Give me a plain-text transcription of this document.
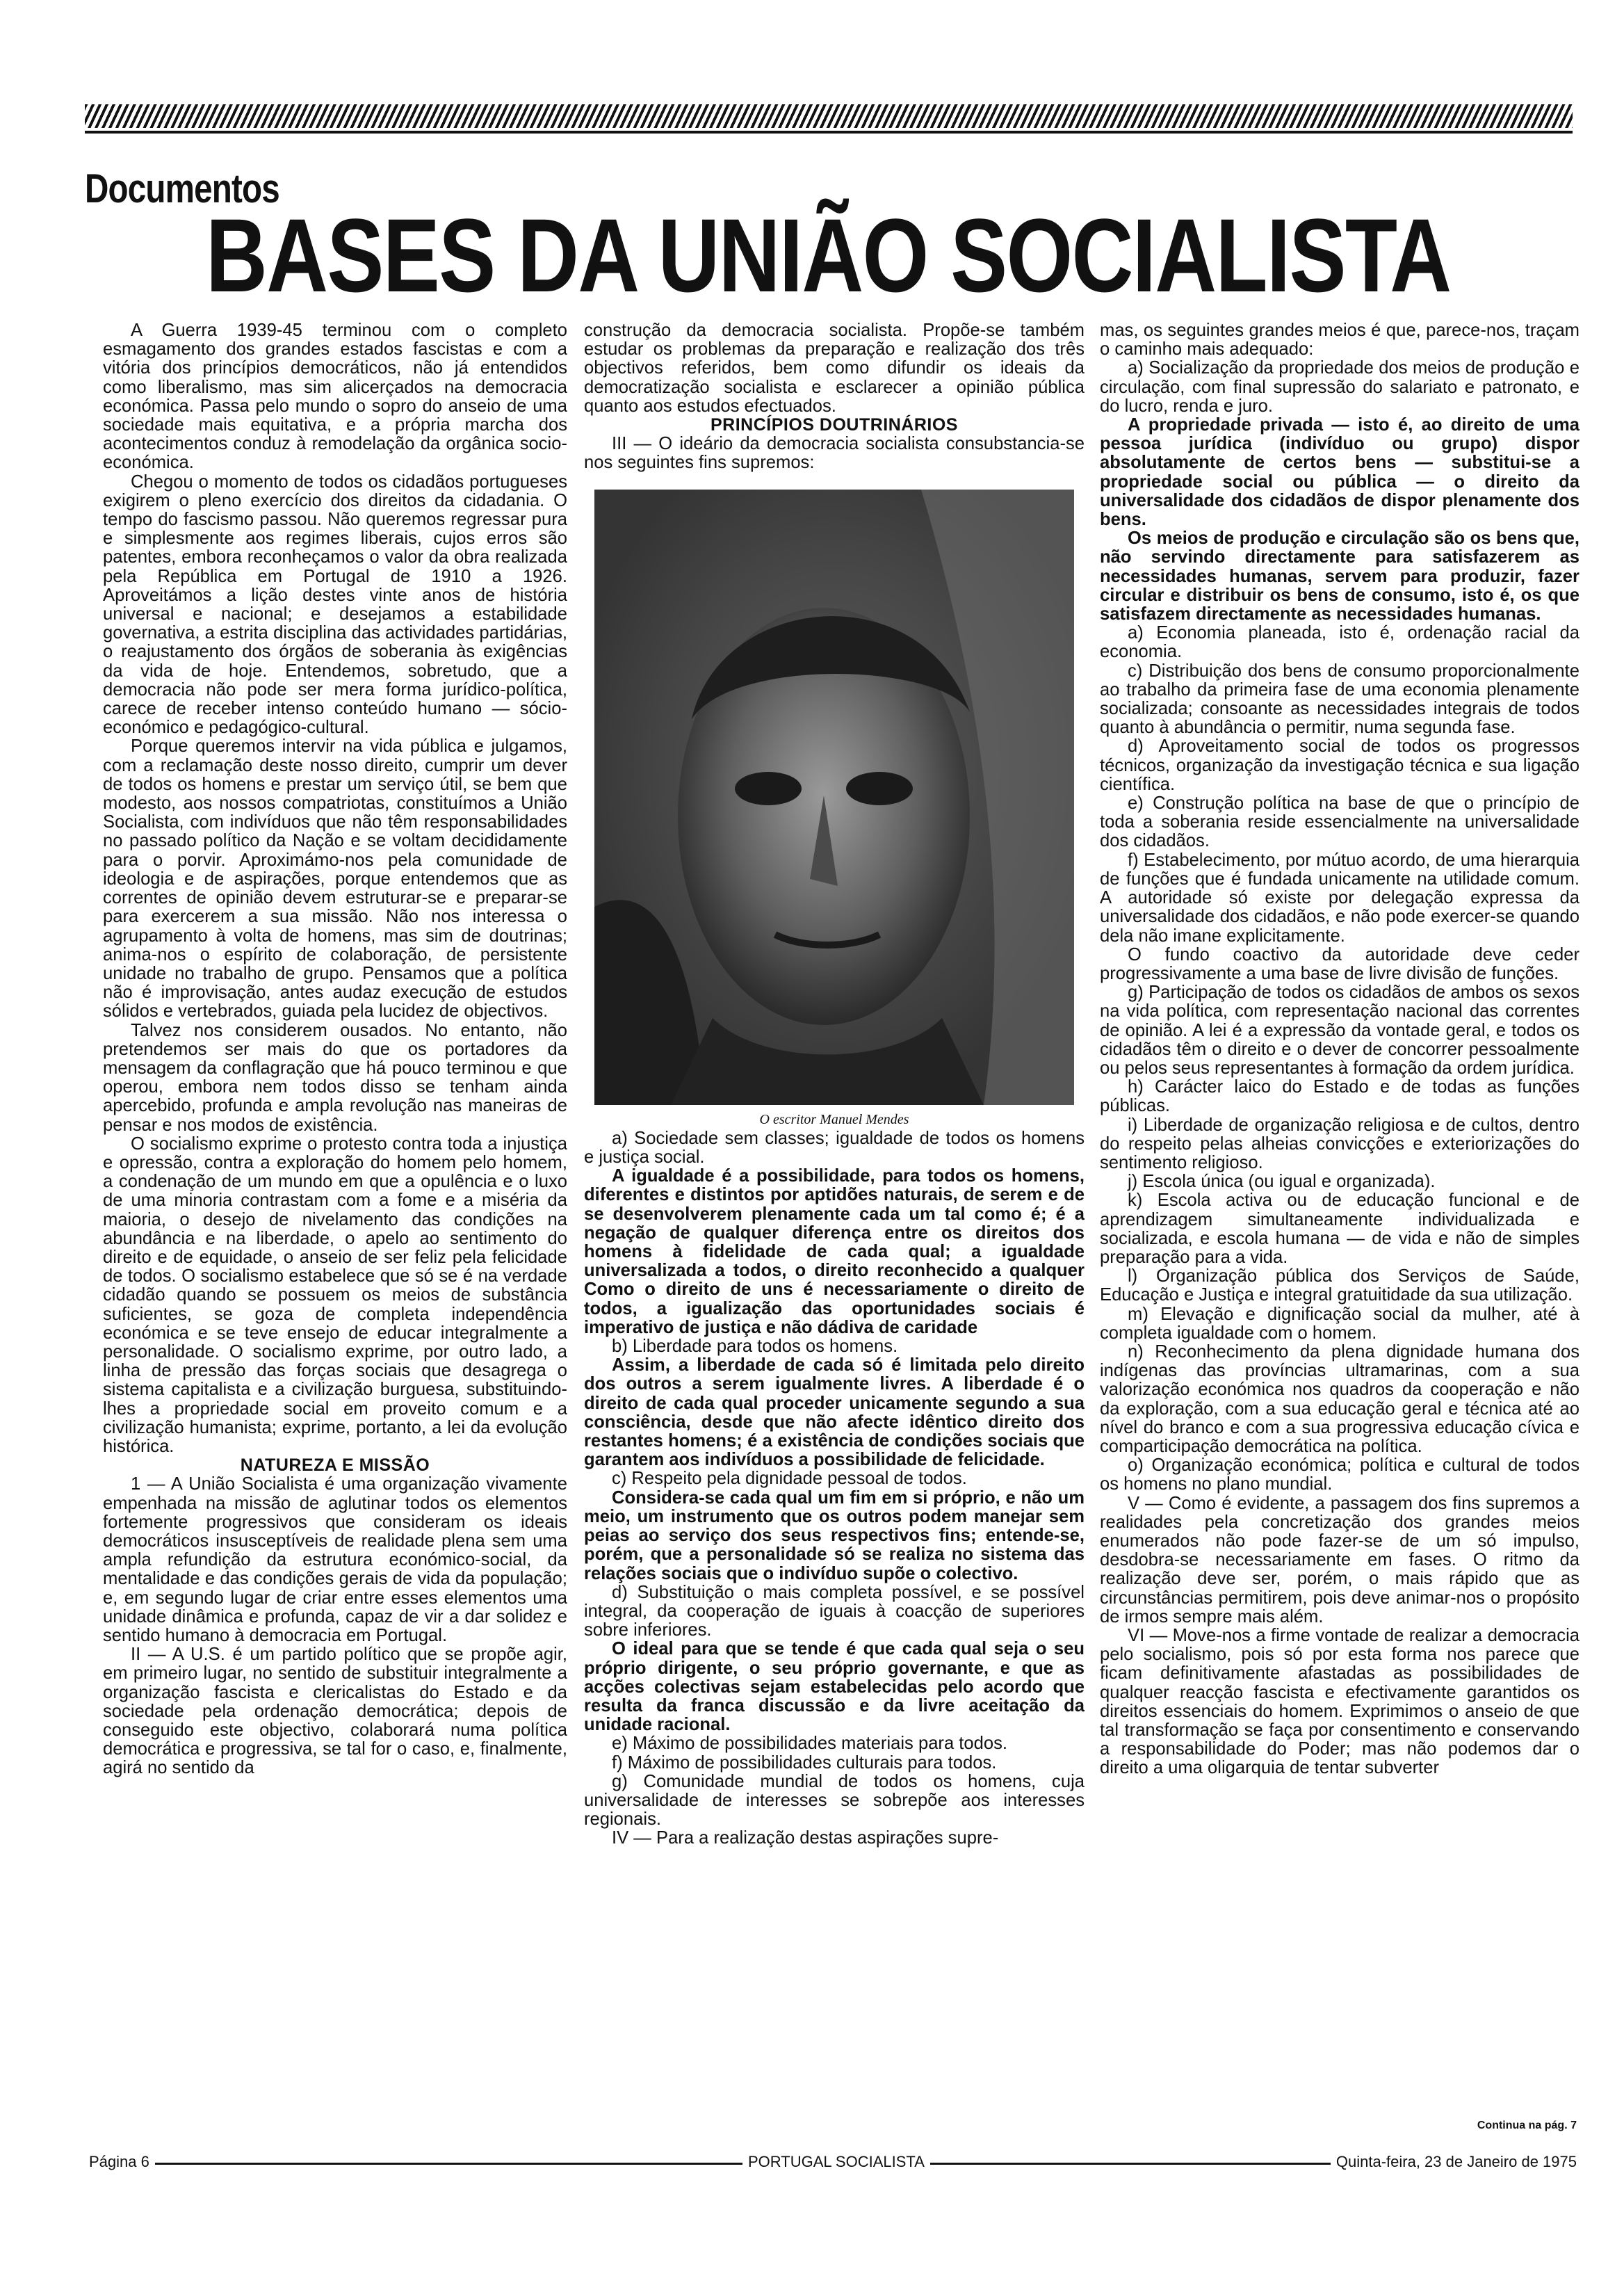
Documentos
BASES DA UNIÃO SOCIALISTA

A Guerra 1939-45 terminou com o completo esmagamento dos grandes estados fascistas e com a vitória dos princípios democráticos, não já entendidos como liberalismo, mas sim alicerçados na democracia económica. Passa pelo mundo o sopro do anseio de uma sociedade mais equitativa, e a própria marcha dos acontecimentos conduz à remodelação da orgânica socio-económica.

Chegou o momento de todos os cidadãos portugueses exigirem o pleno exercício dos direitos da cidadania. O tempo do fascismo passou. Não queremos regressar pura e simplesmente aos regimes liberais, cujos erros são patentes, embora reconheçamos o valor da obra realizada pela República em Portugal de 1910 a 1926. Aproveitámos a lição destes vinte anos de história universal e nacional; e desejamos a estabilidade governativa, a estrita disciplina das actividades partidárias, o reajustamento dos órgãos de soberania às exigências da vida de hoje. Entendemos, sobretudo, que a democracia não pode ser mera forma jurídico-política, carece de receber intenso conteúdo humano — sócio-económico e pedagógico-cultural.

Porque queremos intervir na vida pública e julgamos, com a reclamação deste nosso direito, cumprir um dever de todos os homens e prestar um serviço útil, se bem que modesto, aos nossos compatriotas, constituímos a União Socialista, com indivíduos que não têm responsabilidades no passado político da Nação e se voltam decididamente para o porvir. Aproximámo-nos pela comunidade de ideologia e de aspirações, porque entendemos que as correntes de opinião devem estruturar-se e preparar-se para exercerem a sua missão. Não nos interessa o agrupamento à volta de homens, mas sim de doutrinas; anima-nos o espírito de colaboração, de persistente unidade no trabalho de grupo. Pensamos que a política não é improvisação, antes audaz execução de estudos sólidos e vertebrados, guiada pela lucidez de objectivos.

Talvez nos considerem ousados. No entanto, não pretendemos ser mais do que os portadores da mensagem da conflagração que há pouco terminou e que operou, embora nem todos disso se tenham ainda apercebido, profunda e ampla revolução nas maneiras de pensar e nos modos de existência.

O socialismo exprime o protesto contra toda a injustiça e opressão, contra a exploração do homem pelo homem, a condenação de um mundo em que a opulência e o luxo de uma minoria contrastam com a fome e a miséria da maioria, o desejo de nivelamento das condições na abundância e na liberdade, o apelo ao sentimento do direito e de equidade, o anseio de ser feliz pela felicidade de todos. O socialismo estabelece que só se é na verdade cidadão quando se possuem os meios de substância suficientes, se goza de completa independência económica e se teve ensejo de educar integralmente a personalidade. O socialismo exprime, por outro lado, a linha de pressão das forças sociais que desagrega o sistema capitalista e a civilização burguesa, substituindo-lhes a propriedade social em proveito comum e a civilização humanista; exprime, portanto, a lei da evolução histórica.

NATUREZA E MISSÃO

1 — A União Socialista é uma organização vivamente empenhada na missão de aglutinar todos os elementos fortemente progressivos que consideram os ideais democráticos insusceptíveis de realidade plena sem uma ampla refundição da estrutura económico-social, da mentalidade e das condições gerais de vida da população; e, em segundo lugar de criar entre esses elementos uma unidade dinâmica e profunda, capaz de vir a dar solidez e sentido humano à democracia em Portugal.

II — A U.S. é um partido político que se propõe agir, em primeiro lugar, no sentido de substituir integralmente a organização fascista e clericalistas do Estado e da sociedade pela ordenação democrática; depois de conseguido este objectivo, colaborará numa política democrática e progressiva, se tal for o caso, e, finalmente, agirá no sentido da

construção da democracia socialista. Propõe-se também estudar os problemas da preparação e realização dos três objectivos referidos, bem como difundir os ideais da democratização socialista e esclarecer a opinião pública quanto aos estudos efectuados.

PRINCÍPIOS DOUTRINÁRIOS

III — O ideário da democracia socialista consubstancia-se nos seguintes fins supremos:

O escritor Manuel Mendes

a) Sociedade sem classes; igualdade de todos os homens e justiça social.

A igualdade é a possibilidade, para todos os homens, diferentes e distintos por aptidões naturais, de serem e de se desenvolverem plenamente cada um tal como é; é a negação de qualquer diferença entre os direitos dos homens à fidelidade de cada qual; a igualdade universalizada a todos, o direito reconhecido a qualquer Como o direito de uns é necessariamente o direito de todos, a igualização das oportunidades sociais é imperativo de justiça e não dádiva de caridade

b) Liberdade para todos os homens.

Assim, a liberdade de cada só é limitada pelo direito dos outros a serem igualmente livres. A liberdade é o direito de cada qual proceder unicamente segundo a sua consciência, desde que não afecte idêntico direito dos restantes homens; é a existência de condições sociais que garantem aos indivíduos a possibilidade de felicidade.

c) Respeito pela dignidade pessoal de todos.

Considera-se cada qual um fim em si próprio, e não um meio, um instrumento que os outros podem manejar sem peias ao serviço dos seus respectivos fins; entende-se, porém, que a personalidade só se realiza no sistema das relações sociais que o indivíduo supõe o colectivo.

d) Substituição o mais completa possível, e se possível integral, da cooperação de iguais à coacção de superiores sobre inferiores.

O ideal para que se tende é que cada qual seja o seu próprio dirigente, o seu próprio governante, e que as acções colectivas sejam estabelecidas pelo acordo que resulta da franca discussão e da livre aceitação da unidade racional.

e) Máximo de possibilidades materiais para todos.

f) Máximo de possibilidades culturais para todos.

g) Comunidade mundial de todos os homens, cuja universalidade de interesses se sobrepõe aos interesses regionais.

IV — Para a realização destas aspirações supre-

mas, os seguintes grandes meios é que, parece-nos, traçam o caminho mais adequado:

a) Socialização da propriedade dos meios de produção e circulação, com final supressão do salariato e patronato, e do lucro, renda e juro.

A propriedade privada — isto é, ao direito de uma pessoa jurídica (indivíduo ou grupo) dispor absolutamente de certos bens — substitui-se a propriedade social ou pública — o direito da universalidade dos cidadãos de dispor plenamente dos bens.

Os meios de produção e circulação são os bens que, não servindo directamente para satisfazerem as necessidades humanas, servem para produzir, fazer circular e distribuir os bens de consumo, isto é, os que satisfazem directamente as necessidades humanas.

a) Economia planeada, isto é, ordenação racial da economia.

c) Distribuição dos bens de consumo proporcionalmente ao trabalho da primeira fase de uma economia plenamente socializada; consoante as necessidades integrais de todos quanto à abundância o permitir, numa segunda fase.

d) Aproveitamento social de todos os progressos técnicos, organização da investigação técnica e sua ligação científica.

e) Construção política na base de que o princípio de toda a soberania reside essencialmente na universalidade dos cidadãos.

f) Estabelecimento, por mútuo acordo, de uma hierarquia de funções que é fundada unicamente na utilidade comum. A autoridade só existe por delegação expressa da universalidade dos cidadãos, e não pode exercer-se quando dela não imane explicitamente.

O fundo coactivo da autoridade deve ceder progressivamente a uma base de livre divisão de funções.

g) Participação de todos os cidadãos de ambos os sexos na vida política, com representação nacional das correntes de opinião. A lei é a expressão da vontade geral, e todos os cidadãos têm o direito e o dever de concorrer pessoalmente ou pelos seus representantes à formação da ordem jurídica.

h) Carácter laico do Estado e de todas as funções públicas.

i) Liberdade de organização religiosa e de cultos, dentro do respeito pelas alheias convicções e exteriorizações do sentimento religioso.

j) Escola única (ou igual e organizada).

k) Escola activa ou de educação funcional e de aprendizagem simultaneamente individualizada e socializada, e escola humana — de vida e não de simples preparação para a vida.

l) Organização pública dos Serviços de Saúde, Educação e Justiça e integral gratuitidade da sua utilização.

m) Elevação e dignificação social da mulher, até à completa igualdade com o homem.

n) Reconhecimento da plena dignidade humana dos indígenas das províncias ultramarinas, com a sua valorização económica nos quadros da cooperação e não da exploração, com a sua educação geral e técnica até ao nível do branco e com a sua progressiva educação cívica e comparticipação democrática na política.

o) Organização económica; política e cultural de todos os homens no plano mundial.

V — Como é evidente, a passagem dos fins supremos a realidades pela concretização dos grandes meios enumerados não pode fazer-se de um só impulso, desdobra-se necessariamente em fases. O ritmo da realização deve ser, porém, o mais rápido que as circunstâncias permitirem, pois deve animar-nos o propósito de irmos sempre mais além.

VI — Move-nos a firme vontade de realizar a democracia pelo socialismo, pois só por esta forma nos parece que ficam definitivamente afastadas as possibilidades de qualquer reacção fascista e efectivamente garantidos os direitos essenciais do homem. Exprimimos o anseio de que tal transformação se faça por consentimento e conservando a responsabilidade do Poder; mas não podemos dar o direito a uma oligarquia de tentar subverter

Continua na pág. 7
Página 6	PORTUGAL SOCIALISTA	Quinta-feira, 23 de Janeiro de 1975
